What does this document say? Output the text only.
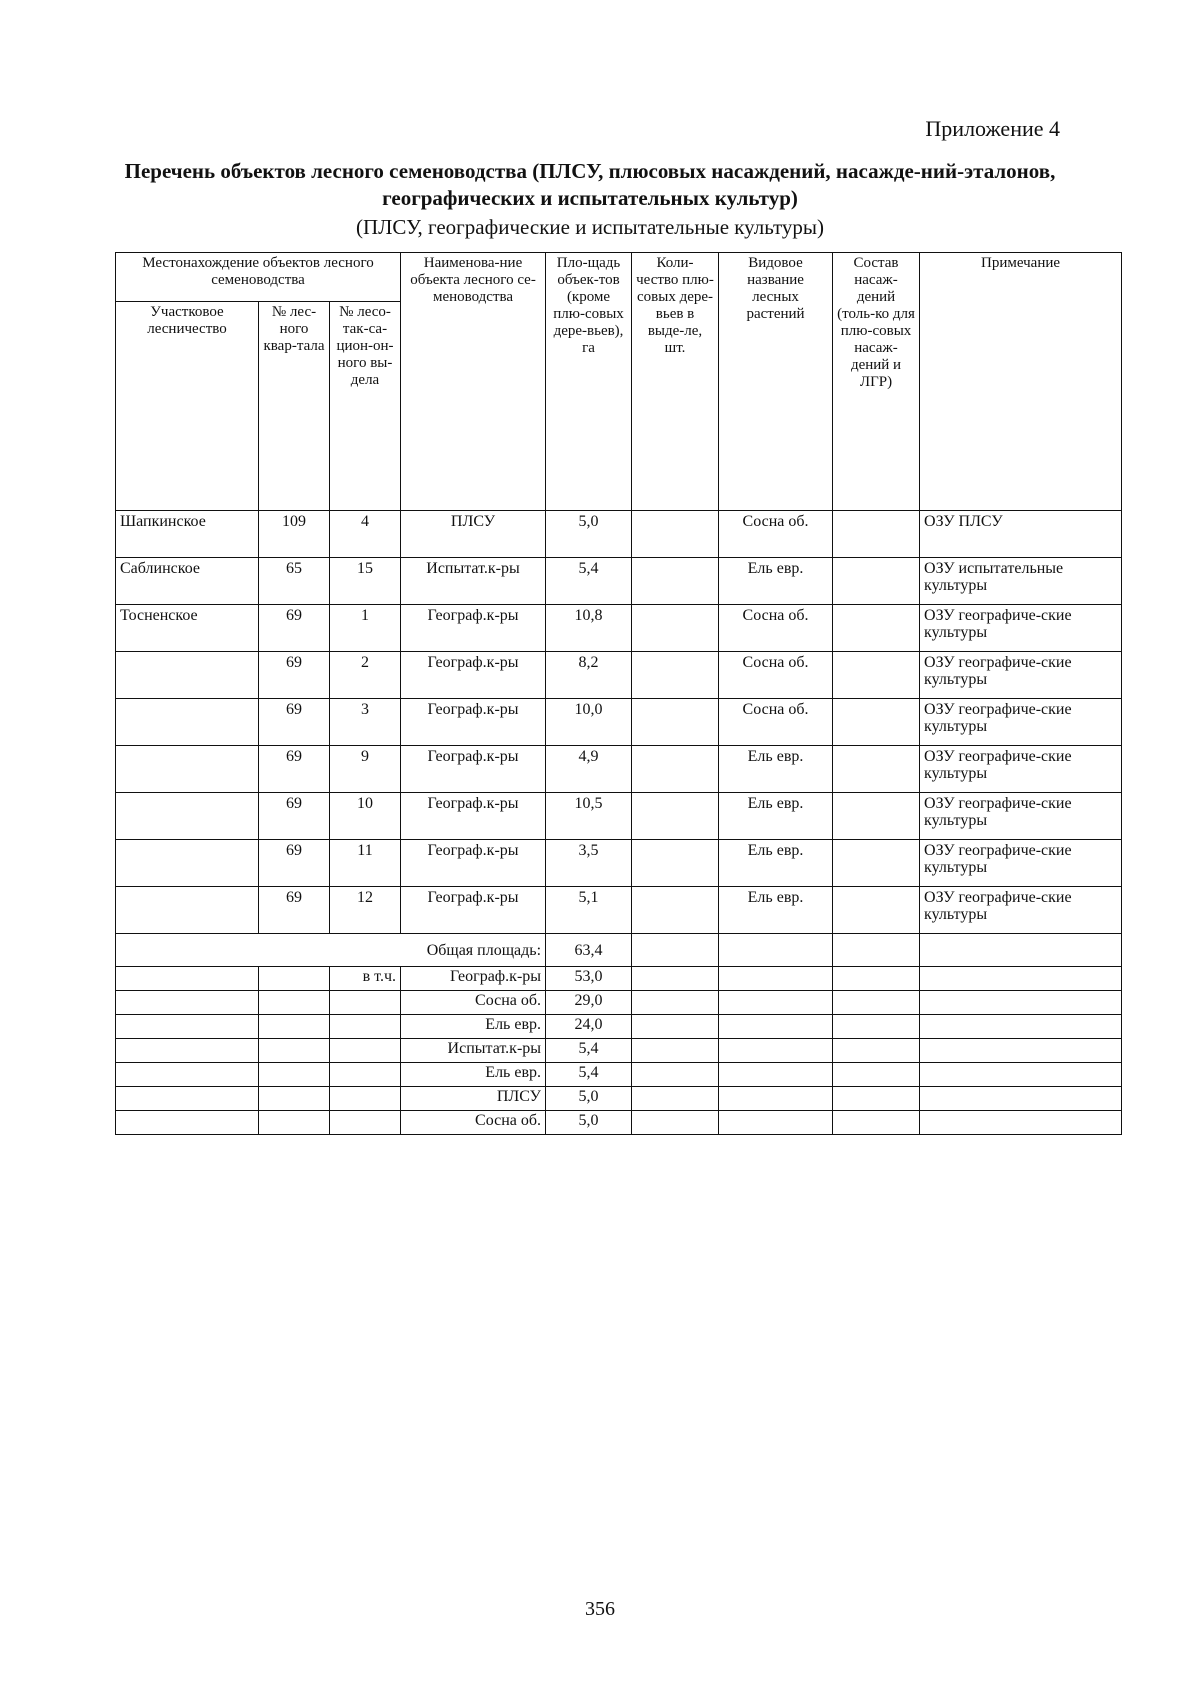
Приложение 4
Перечень объектов лесного семеноводства (ПЛСУ, плюсовых насаждений, насажде-ний-эталонов, географических и испытательных культур)
(ПЛСУ, географические и испытательные культуры)
Местонахождение объектов лесного семеноводства			Наименова-ние объекта лесного се-меноводства	Пло-щадь объек-тов (кроме плю-совых дере-вьев), га	Коли-чество плю-совых дере-вьев в выде-ле, шт.	Видовое название лесных растений	Состав насаж-дений (толь-ко для плю-совых насаж-дений и ЛГР)	Примечание
Участковое лесничество	№ лес-ного квар-тала	№ лесо-так-са-цион-он-ного вы-дела						
Шапкинское	109	4	ПЛСУ	5,0		Сосна об.		ОЗУ ПЛСУ
Саблинское	65	15	Испытат.к-ры	5,4		Ель евр.		ОЗУ испытательные культуры
Тосненское	69	1	Географ.к-ры	10,8		Сосна об.		ОЗУ географиче-ские культуры
	69	2	Географ.к-ры	8,2		Сосна об.		ОЗУ географиче-ские культуры
	69	3	Географ.к-ры	10,0		Сосна об.		ОЗУ географиче-ские культуры
	69	9	Географ.к-ры	4,9		Ель евр.		ОЗУ географиче-ские культуры
	69	10	Географ.к-ры	10,5		Ель евр.		ОЗУ географиче-ские культуры
	69	11	Географ.к-ры	3,5		Ель евр.		ОЗУ географиче-ские культуры
	69	12	Географ.к-ры	5,1		Ель евр.		ОЗУ географиче-ские культуры
Общая площадь:				63,4				
		в т.ч.	Географ.к-ры	53,0				
			Сосна об.	29,0				
			Ель евр.	24,0				
			Испытат.к-ры	5,4				
			Ель евр.	5,4				
			ПЛСУ	5,0				
			Сосна об.	5,0				
356
